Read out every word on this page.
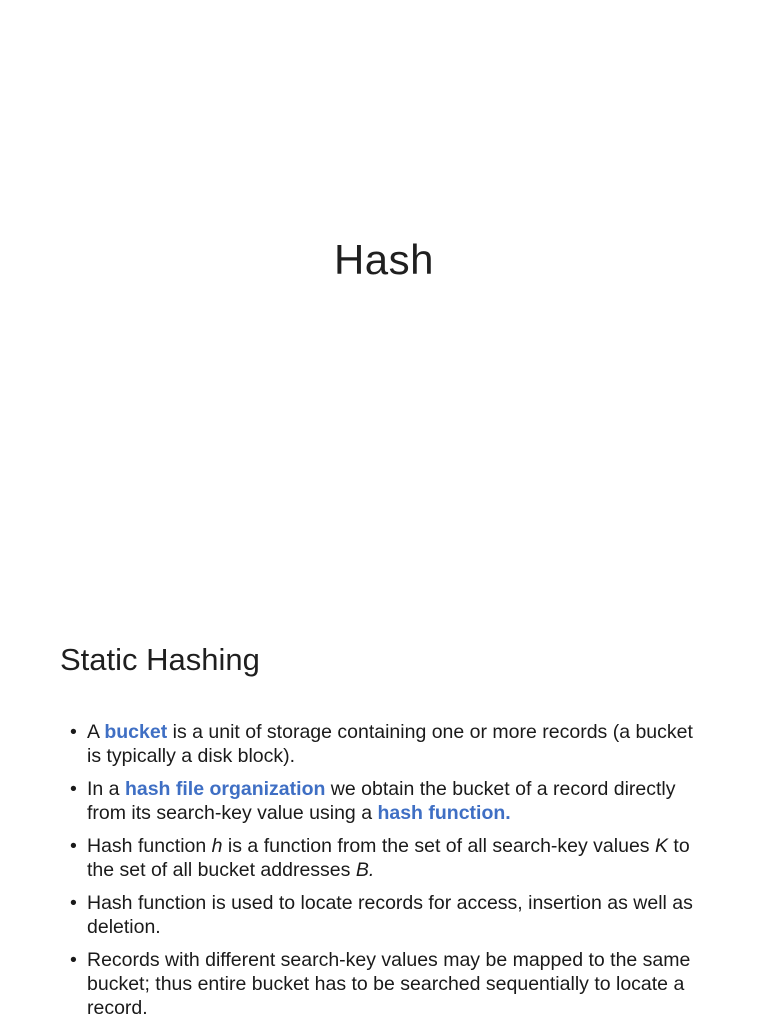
Hash
Static Hashing
• A bucket is a unit of storage containing one or more records (a bucket is typically a disk block).
• In a hash file organization we obtain the bucket of a record directly from its search-key value using a hash function.
• Hash function h is a function from the set of all search-key values K to the set of all bucket addresses B.
• Hash function is used to locate records for access, insertion as well as deletion.
• Records with different search-key values may be mapped to the same bucket; thus entire bucket has to be searched sequentially to locate a record.
